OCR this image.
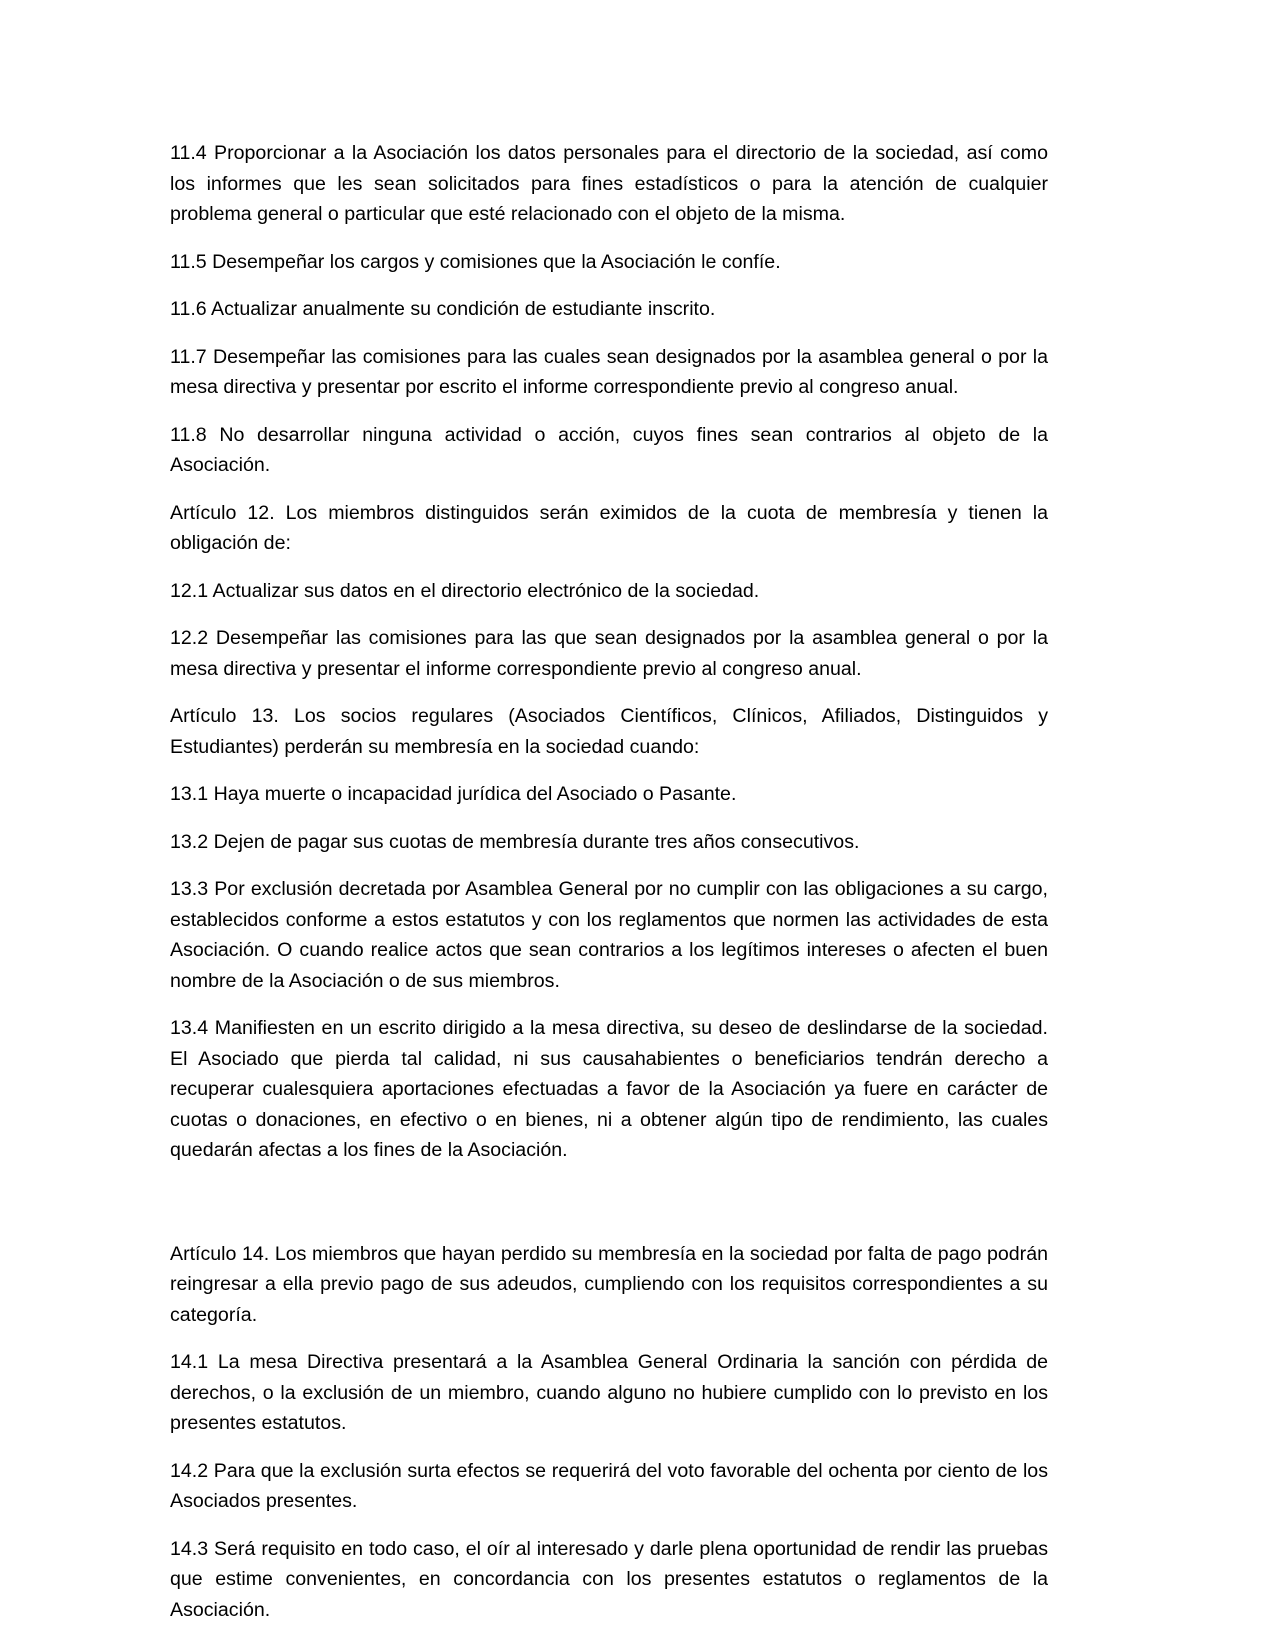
11.4 Proporcionar a la Asociación los datos personales para el directorio de la sociedad, así como los informes que les sean solicitados para fines estadísticos o para la atención de cualquier problema general o particular que esté relacionado con el objeto de la misma.

11.5 Desempeñar los cargos y comisiones que la Asociación le confíe.

11.6 Actualizar anualmente su condición de estudiante inscrito.

11.7 Desempeñar las comisiones para las cuales sean designados por la asamblea general o por la mesa directiva y presentar por escrito el informe correspondiente previo al congreso anual.

11.8 No desarrollar ninguna actividad o acción, cuyos fines sean contrarios al objeto de la Asociación.

Artículo 12. Los miembros distinguidos serán eximidos de la cuota de membresía y tienen la obligación de:

12.1 Actualizar sus datos en el directorio electrónico de la sociedad.

12.2 Desempeñar las comisiones para las que sean designados por la asamblea general o por la mesa directiva y presentar el informe correspondiente previo al congreso anual.

Artículo 13. Los socios regulares (Asociados Científicos, Clínicos, Afiliados, Distinguidos y Estudiantes) perderán su membresía en la sociedad cuando:

13.1 Haya muerte o incapacidad jurídica del Asociado o Pasante.

13.2 Dejen de pagar sus cuotas de membresía durante tres años consecutivos.

13.3 Por exclusión decretada por Asamblea General por no cumplir con las obligaciones a su cargo, establecidos conforme a estos estatutos y con los reglamentos que normen las actividades de esta Asociación. O cuando realice actos que sean contrarios a los legítimos intereses o afecten el buen nombre de la Asociación o de sus miembros.

13.4 Manifiesten en un escrito dirigido a la mesa directiva, su deseo de deslindarse de la sociedad. El Asociado que pierda tal calidad, ni sus causahabientes o beneficiarios tendrán derecho a recuperar cualesquiera aportaciones efectuadas a favor de la Asociación ya fuere en carácter de cuotas o donaciones, en efectivo o en bienes, ni a obtener algún tipo de rendimiento, las cuales quedarán afectas a los fines de la Asociación.

Artículo 14. Los miembros que hayan perdido su membresía en la sociedad por falta de pago podrán reingresar a ella previo pago de sus adeudos, cumpliendo con los requisitos correspondientes a su categoría.

14.1 La mesa Directiva presentará a la Asamblea General Ordinaria la sanción con pérdida de derechos, o la exclusión de un miembro, cuando alguno no hubiere cumplido con lo previsto en los presentes estatutos.

14.2 Para que la exclusión surta efectos se requerirá del voto favorable del ochenta por ciento de los Asociados presentes.

14.3 Será requisito en todo caso, el oír al interesado y darle plena oportunidad de rendir las pruebas que estime convenientes, en concordancia con los presentes estatutos o reglamentos de la Asociación.
